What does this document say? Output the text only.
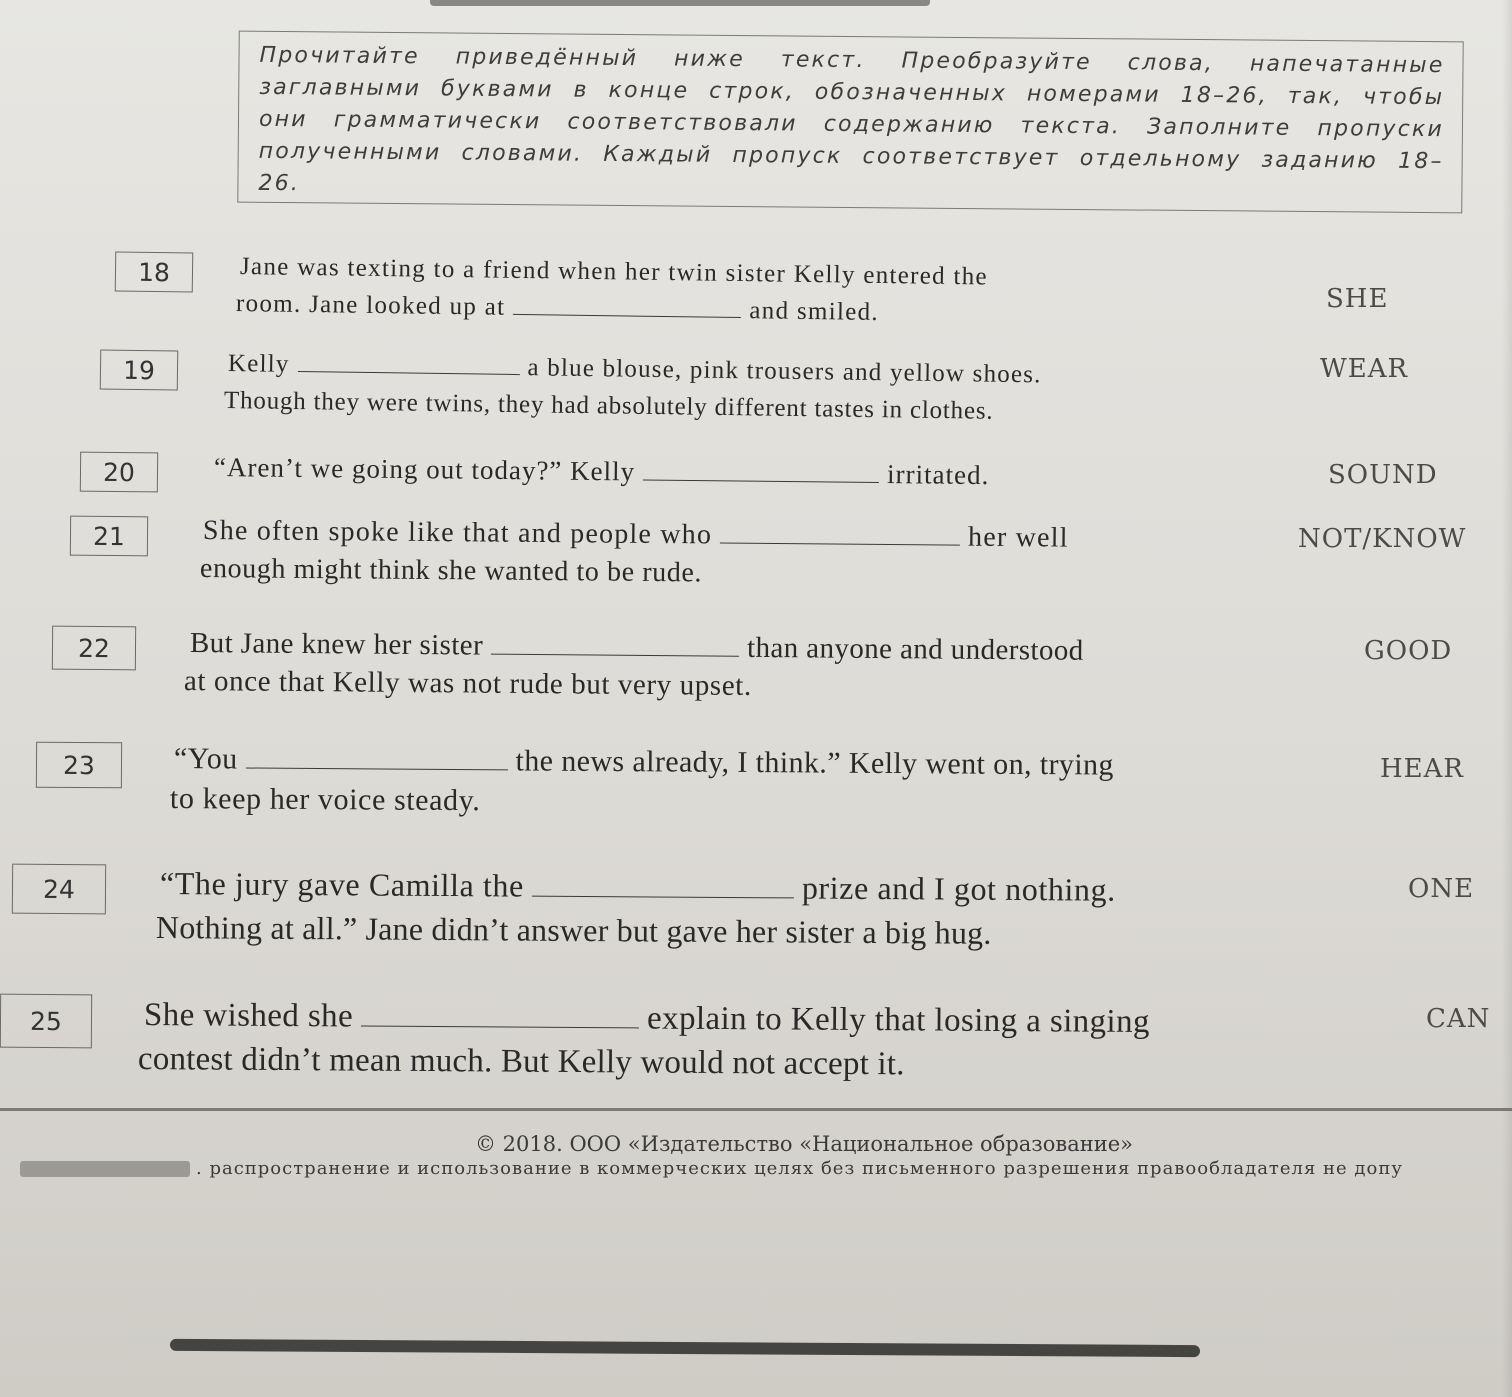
Прочитайте приведённый ниже текст. Преобразуйте слова, напечатанные заглавными буквами в конце строк, обозначенных номерами 18–26, так, чтобы они грамматически соответствовали содержанию текста. Заполните пропуски полученными словами. Каждый пропуск соответствует отдельному заданию 18–26.
18	Jane was texting to a friend when her twin sister Kelly entered the
room. Jane looked up at	and smiled.	SHE
19	Kelly	a blue blouse, pink trousers and yellow shoes.
Though they were twins, they had absolutely different tastes in clothes.
WEAR
20	“Aren’t we going out today?” Kelly	irritated.	SOUND
21	She often spoke like that and people who	her well
enough might think she wanted to be rude.
NOT/KNOW
22	But Jane knew her sister	than anyone and understood
at once that Kelly was not rude but very upset.
GOOD
23	“You	the news already, I think.” Kelly went on, trying
to keep her voice steady.
HEAR
24	“The jury gave Camilla the	prize and I got nothing.
Nothing at all.” Jane didn’t answer but gave her sister a big hug.
ONE
25 She wished she	explain to Kelly that losing a singing
contest didn’t mean much. But Kelly would not accept it.
CAN
© 2018. ООО «Издательство «Национальное образование»
. распространение и использование в коммерческих целях без письменного разрешения правообладателя не допу
